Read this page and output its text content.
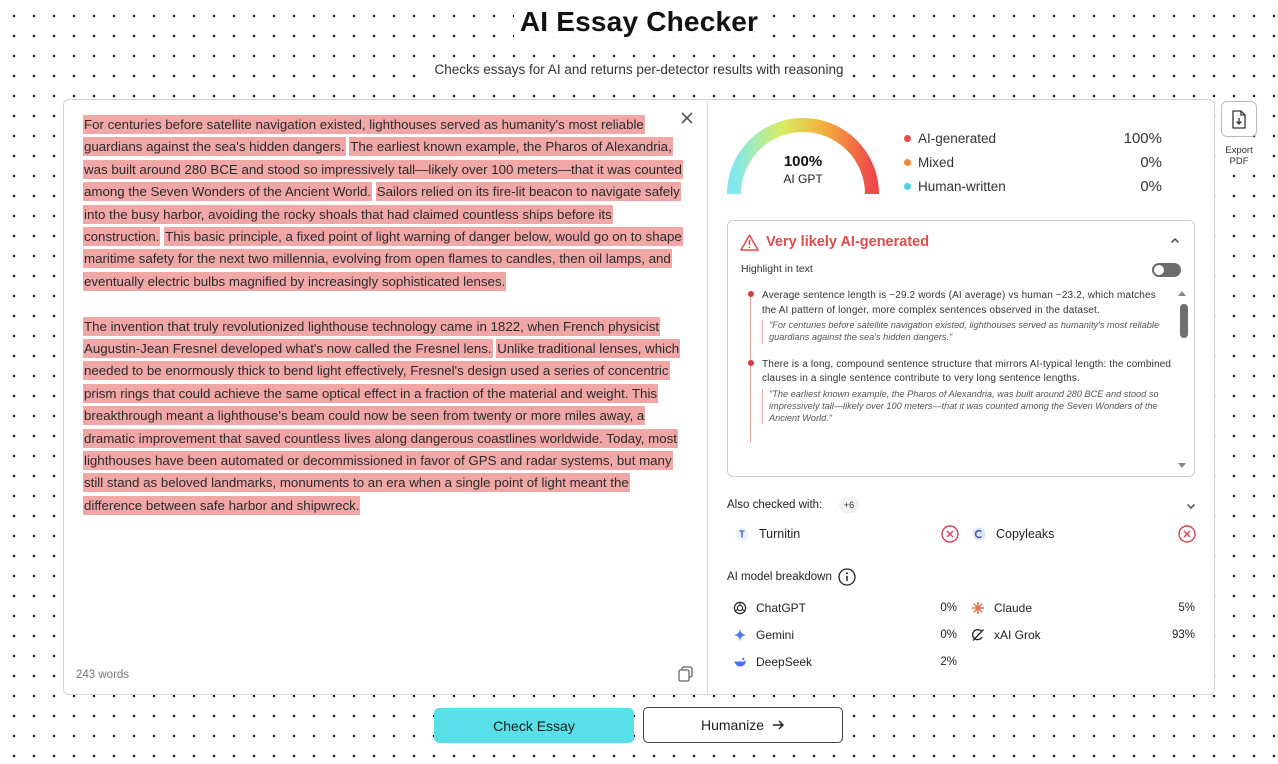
AI Essay Checker
Checks essays for AI and returns per-detector results with reasoning

For centuries before satellite navigation existed, lighthouses served as humanity's most reliable guardians against the sea's hidden dangers. The earliest known example, the Pharos of Alexandria, was built around 280 BCE and stood so impressively tall—likely over 100 meters—that it was counted among the Seven Wonders of the Ancient World. Sailors relied on its fire-lit beacon to navigate safely into the busy harbor, avoiding the rocky shoals that had claimed countless ships before its construction. This basic principle, a fixed point of light warning of danger below, would go on to shape maritime safety for the next two millennia, evolving from open flames to candles, then oil lamps, and eventually electric bulbs magnified by increasingly sophisticated lenses.

The invention that truly revolutionized lighthouse technology came in 1822, when French physicist Augustin-Jean Fresnel developed what's now called the Fresnel lens. Unlike traditional lenses, which needed to be enormously thick to bend light effectively, Fresnel's design used a series of concentric prism rings that could achieve the same optical effect in a fraction of the material and weight. This breakthrough meant a lighthouse's beam could now be seen from twenty or more miles away, a dramatic improvement that saved countless lives along dangerous coastlines worldwide. Today, most lighthouses have been automated or decommissioned in favor of GPS and radar systems, but many still stand as beloved landmarks, monuments to an era when a single point of light meant the difference between safe harbor and shipwreck.

243 words
100%
AI GPT
AI-generated	100%
Mixed	0%
Human-written	0%
Very likely AI-generated
Highlight in text
Average sentence length is ~29.2 words (AI average) vs human ~23.2, which matches the AI pattern of longer, more complex sentences observed in the dataset.
"For centuries before satellite navigation existed, lighthouses served as humanity's most reliable guardians against the sea's hidden dangers."
There is a long, compound sentence structure that mirrors AI-typical length: the combined clauses in a single sentence contribute to very long sentence lengths.
"The earliest known example, the Pharos of Alexandria, was built around 280 BCE and stood so impressively tall—likely over 100 meters—that it was counted among the Seven Wonders of the Ancient World."
Also checked with:	+6
Turnitin	Copyleaks
AI model breakdown
ChatGPT	0%	Claude	5%
Gemini	0%	xAI Grok	93%
DeepSeek	2%
Export
PDF
Check Essay	Humanize
